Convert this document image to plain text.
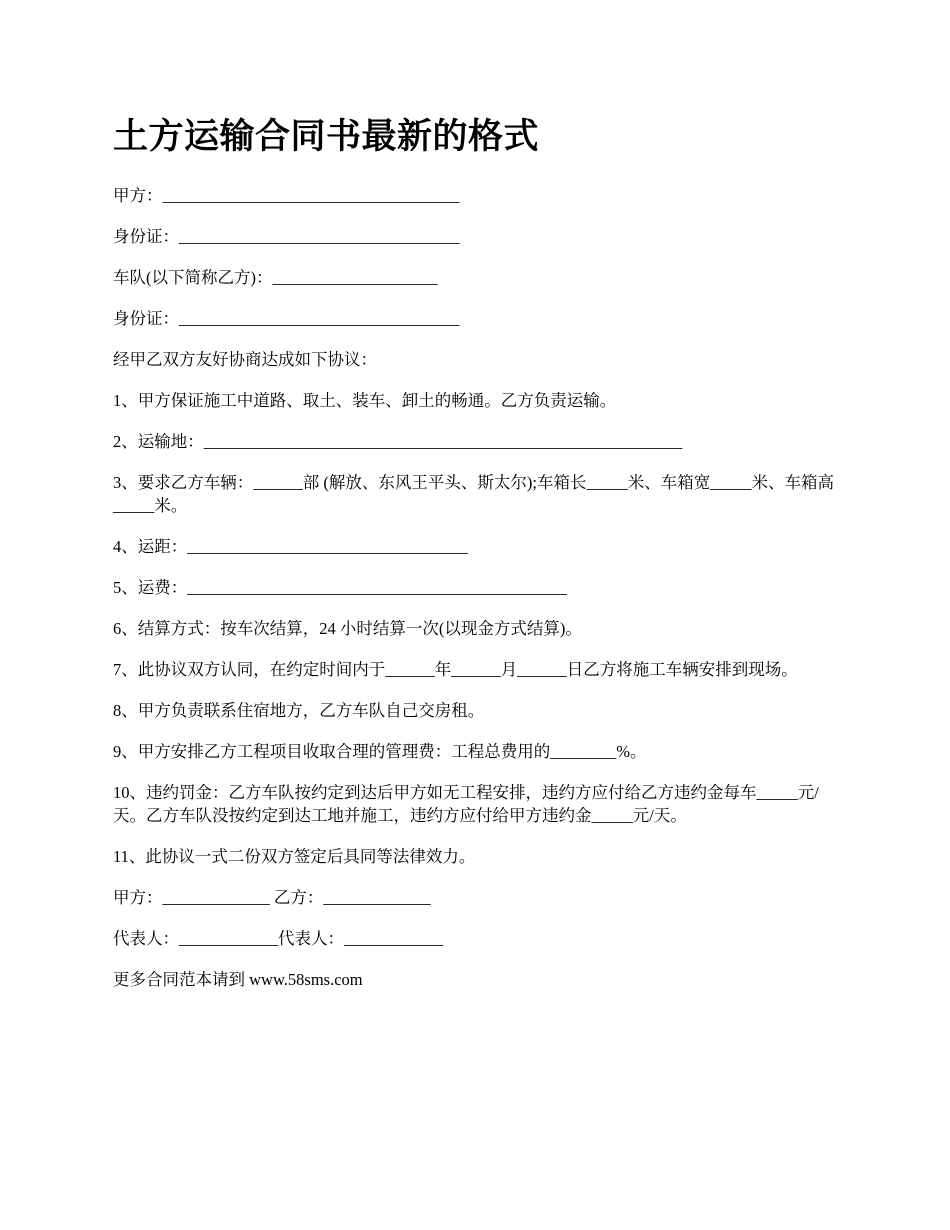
土方运输合同书最新的格式

甲方：____________________________________

身份证：__________________________________

车队(以下简称乙方)：____________________

身份证：__________________________________

经甲乙双方友好协商达成如下协议：

1、甲方保证施工中道路、取土、装车、卸土的畅通。乙方负责运输。

2、运输地：__________________________________________________________

3、要求乙方车辆：______部 (解放、东风王平头、斯太尔);车箱长_____米、车箱宽_____米、车箱高_____米。

4、运距：__________________________________

5、运费：______________________________________________

6、结算方式：按车次结算，24 小时结算一次(以现金方式结算)。

7、此协议双方认同，在约定时间内于______年______月______日乙方将施工车辆安排到现场。

8、甲方负责联系住宿地方，乙方车队自己交房租。

9、甲方安排乙方工程项目收取合理的管理费：工程总费用的________%。

10、违约罚金：乙方车队按约定到达后甲方如无工程安排，违约方应付给乙方违约金每车_____元/天。乙方车队没按约定到达工地并施工，违约方应付给甲方违约金_____元/天。

11、此协议一式二份双方签定后具同等法律效力。

甲方：_____________ 乙方：_____________

代表人：____________代表人：____________

更多合同范本请到 www.58sms.com
